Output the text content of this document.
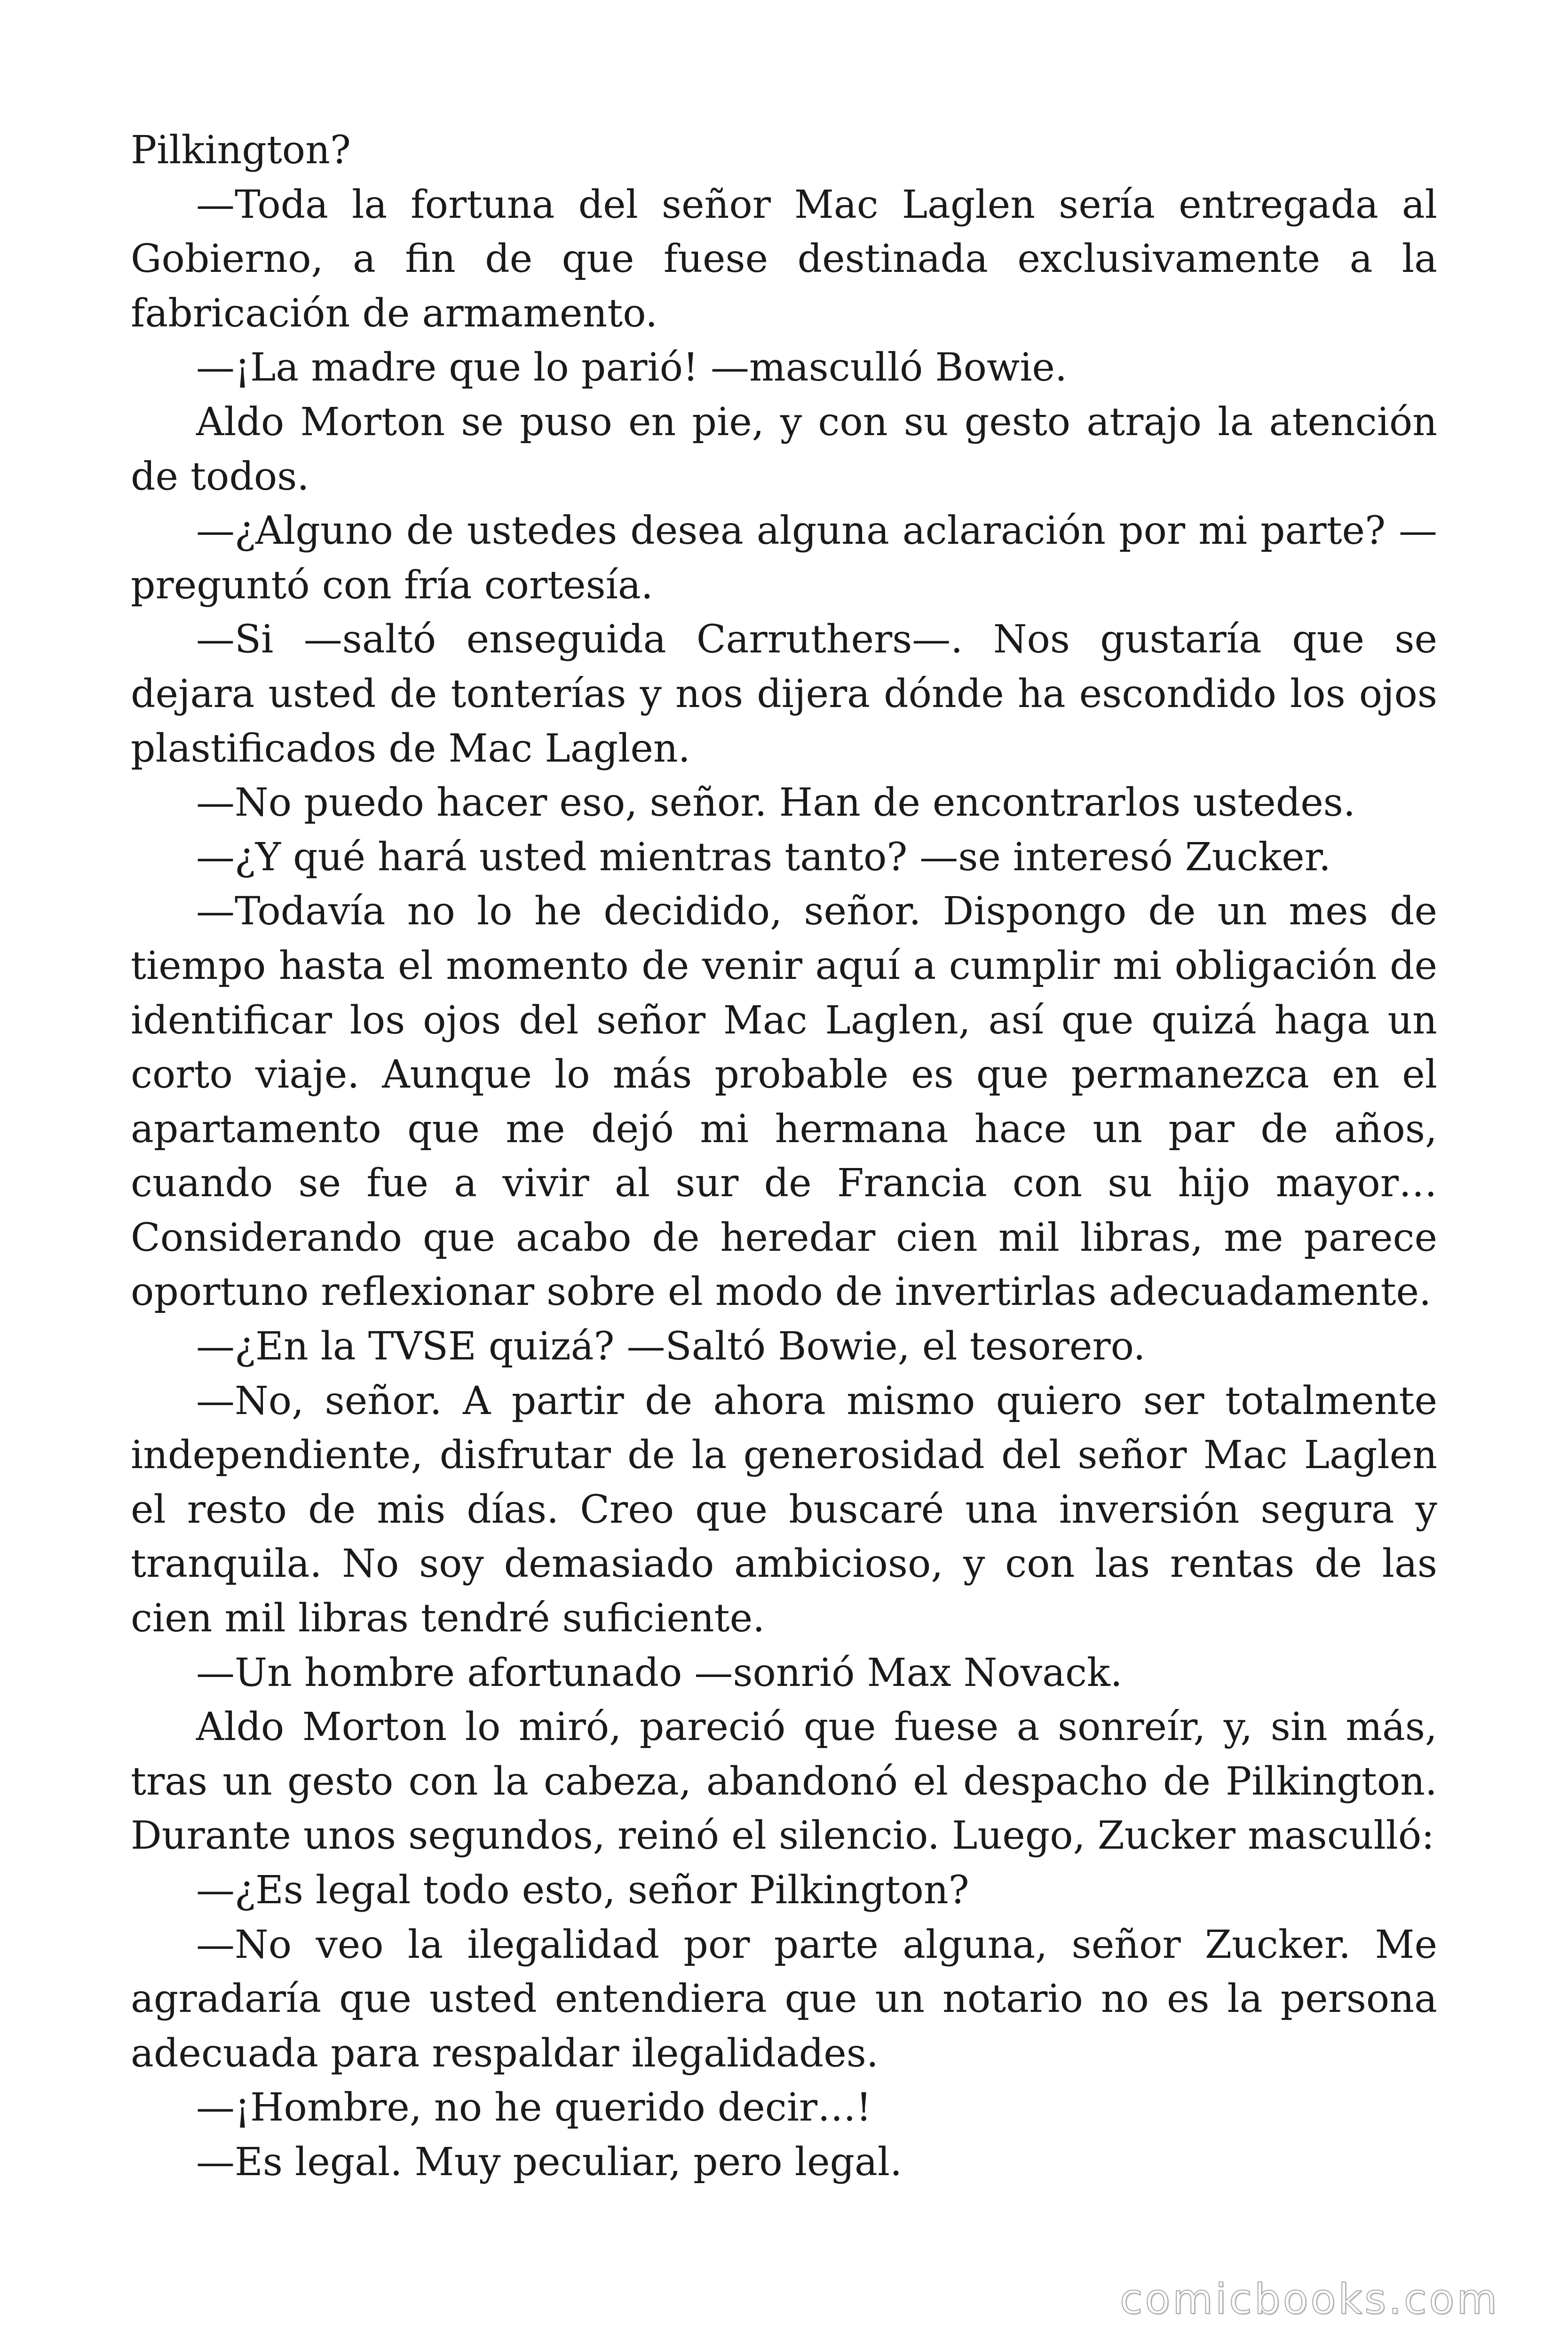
Pilkington?

—Toda la fortuna del señor Mac Laglen sería entregada al Gobierno, a fin de que fuese destinada exclusivamente a la fabricación de armamento.

—¡La madre que lo parió! —mascullό Bowie.

Aldo Morton se puso en pie, y con su gesto atrajo la atención de todos.

—¿Alguno de ustedes desea alguna aclaración por mi parte? —preguntó con fría cortesía.

—Si —saltó enseguida Carruthers—. Nos gustaría que se dejara usted de tonterías y nos dijera dónde ha escondido los ojos plastificados de Mac Laglen.

—No puedo hacer eso, señor. Han de encontrarlos ustedes.

—¿Y qué hará usted mientras tanto? —se interesó Zucker.

—Todavía no lo he decidido, señor. Dispongo de un mes de tiempo hasta el momento de venir aquí a cumplir mi obligación de identificar los ojos del señor Mac Laglen, así que quizá haga un corto viaje. Aunque lo más probable es que permanezca en el apartamento que me dejó mi hermana hace un par de años, cuando se fue a vivir al sur de Francia con su hijo mayor… Considerando que acabo de heredar cien mil libras, me parece oportuno reflexionar sobre el modo de invertirlas adecuadamente.

—¿En la TVSE quizá? —Saltó Bowie, el tesorero.

—No, señor. A partir de ahora mismo quiero ser totalmente independiente, disfrutar de la generosidad del señor Mac Laglen el resto de mis días. Creo que buscaré una inversión segura y tranquila. No soy demasiado ambicioso, y con las rentas de las cien mil libras tendré suficiente.

—Un hombre afortunado —sonrió Max Novack.

Aldo Morton lo miró, pareció que fuese a sonreír, y, sin más, tras un gesto con la cabeza, abandonó el despacho de Pilkington. Durante unos segundos, reinó el silencio. Luego, Zucker masculló:

—¿Es legal todo esto, señor Pilkington?

—No veo la ilegalidad por parte alguna, señor Zucker. Me agradaría que usted entendiera que un notario no es la persona adecuada para respaldar ilegalidades.

—¡Hombre, no he querido decir…!

—Es legal. Muy peculiar, pero legal.

comicbooks.com
